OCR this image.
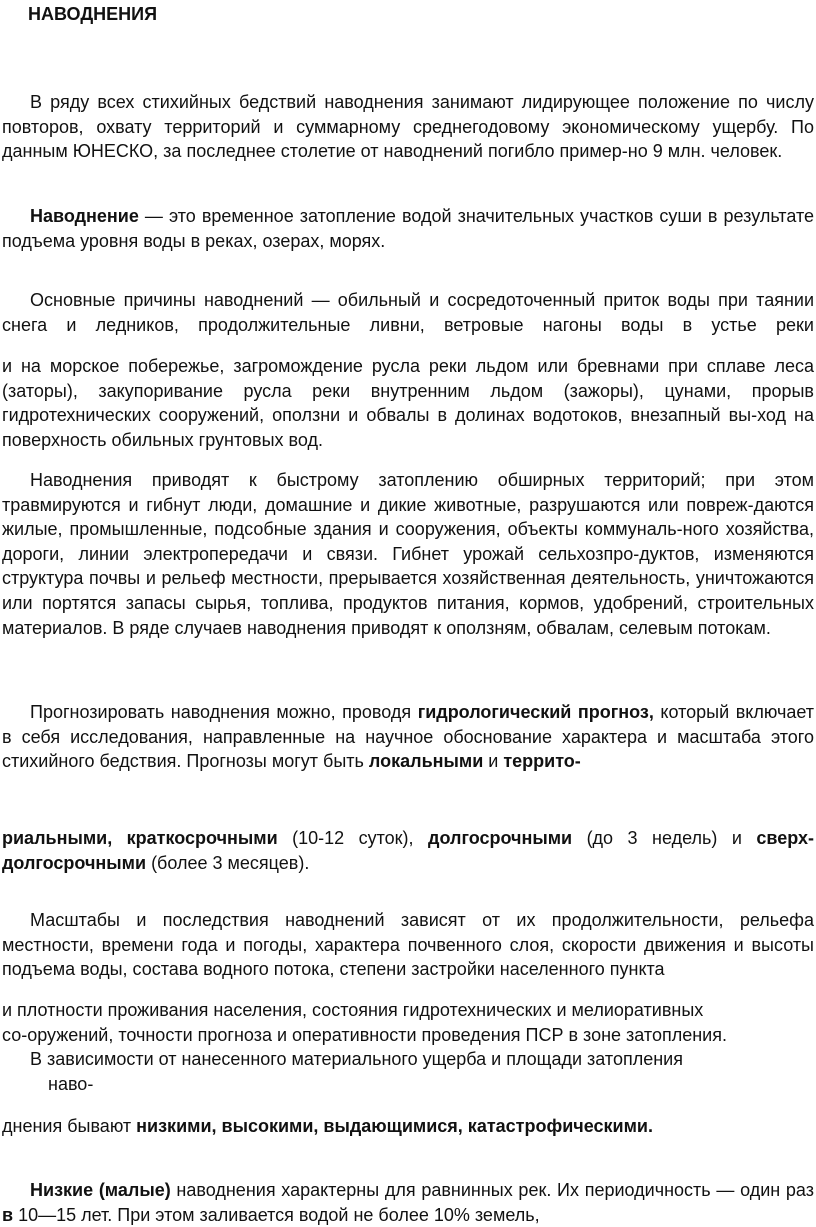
НАВОДНЕНИЯ

В ряду всех стихийных бедствий наводнения занимают лидирующее положение по числу повторов, охвату территорий и суммарному среднегодовому экономическому ущербу. По данным ЮНЕСКО, за последнее столетие от наводнений погибло пример-но 9 млн. человек.

Наводнение — это временное затопление водой значительных участков суши в результате подъема уровня воды в реках, озерах, морях.

Основные причины наводнений — обильный и сосредоточенный приток воды при таянии снега и ледников, продолжительные ливни, ветровые нагоны воды в устье реки

и на морское побережье, загромождение русла реки льдом или бревнами при сплаве леса (заторы), закупоривание русла реки внутренним льдом (зажоры), цунами, прорыв гидротехнических сооружений, оползни и обвалы в долинах водотоков, внезапный вы-ход на поверхность обильных грунтовых вод.

Наводнения приводят к быстрому затоплению обширных территорий; при этом травмируются и гибнут люди, домашние и дикие животные, разрушаются или повреж-даются жилые, промышленные, подсобные здания и сооружения, объекты коммуналь-ного хозяйства, дороги, линии электропередачи и связи. Гибнет урожай сельхозпро-дуктов, изменяются структура почвы и рельеф местности, прерывается хозяйственная деятельность, уничтожаются или портятся запасы сырья, топлива, продуктов питания, кормов, удобрений, строительных материалов. В ряде случаев наводнения приводят к оползням, обвалам, селевым потокам.

Прогнозировать наводнения можно, проводя гидрологический прогноз, который включает в себя исследования, направленные на научное обоснование характера и масштаба этого стихийного бедствия. Прогнозы могут быть локальными и террито-

риальными, краткосрочными (10-12 суток), долгосрочными (до 3 недель) и сверх-долгосрочными (более 3 месяцев).

Масштабы и последствия наводнений зависят от их продолжительности, рельефа местности, времени года и погоды, характера почвенного слоя, скорости движения и высоты подъема воды, состава водного потока, степени застройки населенного пункта

и плотности проживания населения, состояния гидротехнических и мелиоративных
со-оружений, точности прогноза и оперативности проведения ПСР в зоне затопления.
В зависимости от нанесенного материального ущерба и площади затопления
наво-

днения бывают низкими, высокими, выдающимися, катастрофическими.

Низкие (малые) наводнения характерны для равнинных рек. Их периодичность — один раз в 10—15 лет. При этом заливается водой не более 10% земель,
